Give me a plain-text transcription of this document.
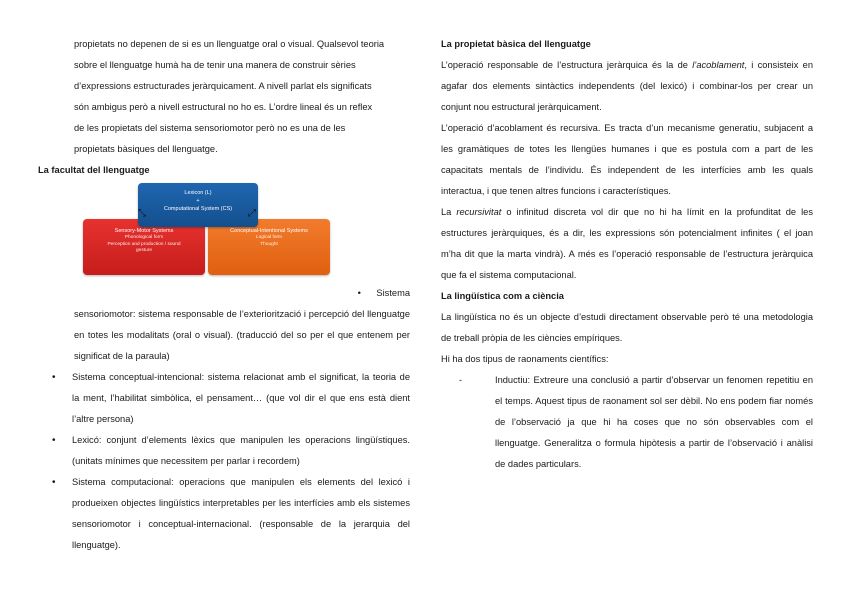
propietats no depenen de si es un llenguatge oral o visual. Qualsevol teoria
sobre el llenguatge humà ha de tenir una manera de construir sèries
d’expressions estructurades jeràrquicament. A nivell parlat els significats
són ambigus però a nivell estructural no ho es. L’ordre lineal és un reflex
de les propietats del sistema sensoriomotor però no es una de les
propietats bàsiques del llenguatge.
La facultat del llenguatge
Lexicon (L)
+
Computational System (CS)
Sensory-Motor Systems
Phonological form
Perception and production / sound
gesture
Conceptual-Intentional Systems
Logical form
Thought
⤡	⤢
• Sistema
sensoriomotor: sistema responsable de l’exteriorització i percepció del llenguatge en totes les modalitats (oral o visual). (traducció del so per el que entenem per significat de la paraula)
• Sistema conceptual-intencional: sistema relacionat amb el significat, la teoria de la ment, l’habilitat simbòlica, el pensament… (que vol dir el que ens està dient l’altre persona)
• Lexicó: conjunt d’elements lèxics que manipulen les operacions lingüístiques. (unitats mínimes que necessitem per parlar i recordem)
• Sistema computacional: operacions que manipulen els elements del lexicó i produeixen objectes lingüístics interpretables per les interfícies amb els sistemes sensoriomotor i conceptual-internacional. (responsable de la jerarquia del llenguatge).
La propietat bàsica del llenguatge
L’operació responsable de l’estructura jeràrquica és la de l’acoblament, i consisteix en agafar dos elements sintàctics independents (del lexicó) i combinar-los per crear un conjunt nou estructural jeràrquicament.
L’operació d’acoblament és recursiva. Es tracta d’un mecanisme generatiu, subjacent a les gramàtiques de totes les llengües humanes i que es postula com a part de les capacitats mentals de l’individu. És independent de les interfícies amb les quals interactua, i que tenen altres funcions i característiques.
La recursivitat o infinitud discreta vol dir que no hi ha límit en la profunditat de les estructures jeràrquiques, és a dir, les expressions són potencialment infinites ( el joan m’ha dit que la marta vindrà). A més es l’operació responsable de l’estructura jeràrquica que fa el sistema computacional.
La lingüística com a ciència
La lingüística no és un objecte d’estudi directament observable però té una metodologia de treball pròpia de les ciències empíriques.
Hi ha dos tipus de raonaments científics:
-	Inductiu: Extreure una conclusió a partir d’observar un fenomen repetitiu en el temps. Aquest tipus de raonament sol ser dèbil. No ens podem fiar només de l’observació ja que hi ha coses que no són observables com el llenguatge. Generalitza o formula hipòtesis a partir de l’observació i anàlisi de dades particulars.
